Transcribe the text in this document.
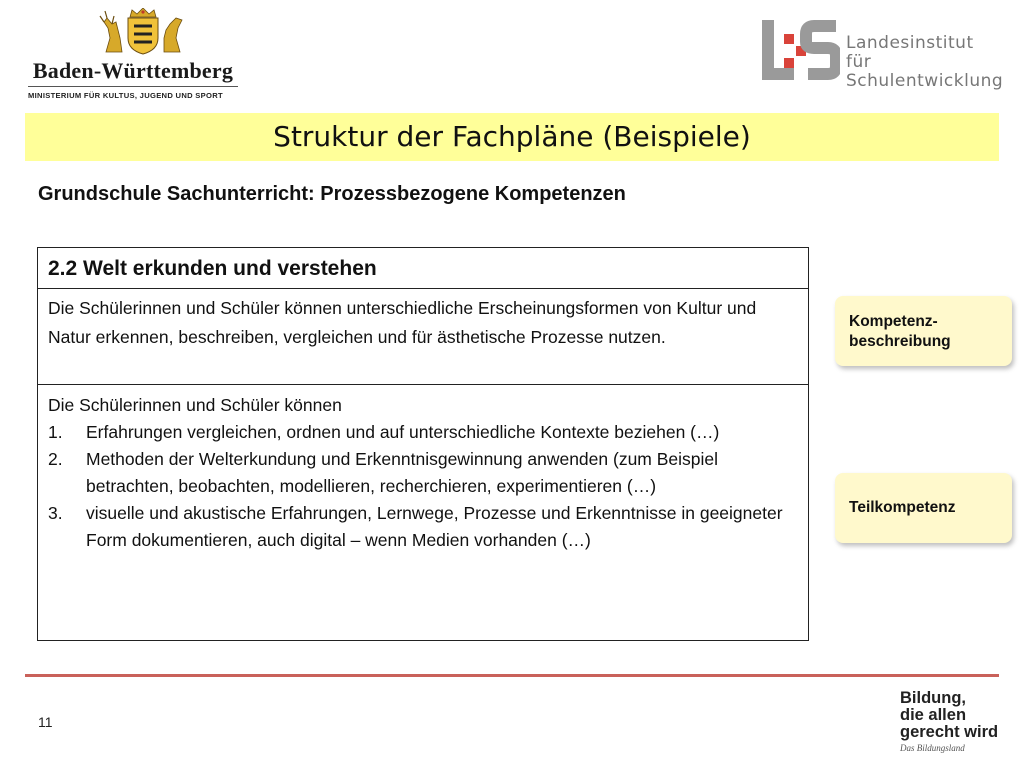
Baden-Württemberg
MINISTERIUM FÜR KULTUS, JUGEND UND SPORT
Landesinstitut
für Schulentwicklung
Struktur der Fachpläne (Beispiele)
Grundschule Sachunterricht: Prozessbezogene Kompetenzen
2.2 Welt erkunden und verstehen
Die Schülerinnen und Schüler können unterschiedliche Erscheinungsformen von Kultur und Natur erkennen, beschreiben, vergleichen und für ästhetische Prozesse nutzen.
Die Schülerinnen und Schüler können
1. Erfahrungen vergleichen, ordnen und auf unterschiedliche Kontexte beziehen (…)
2. Methoden der Welterkundung und Erkenntnisgewinnung anwenden (zum Beispiel betrachten, beobachten, modellieren, recherchieren, experimentieren (…)
3. visuelle und akustische Erfahrungen, Lernwege, Prozesse und Erkenntnisse in geeigneter Form dokumentieren, auch digital – wenn Medien vorhanden (…)
Kompetenz-
beschreibung
Teilkompetenz
11
Bildung,
die allen
gerecht wird
Das Bildungsland
